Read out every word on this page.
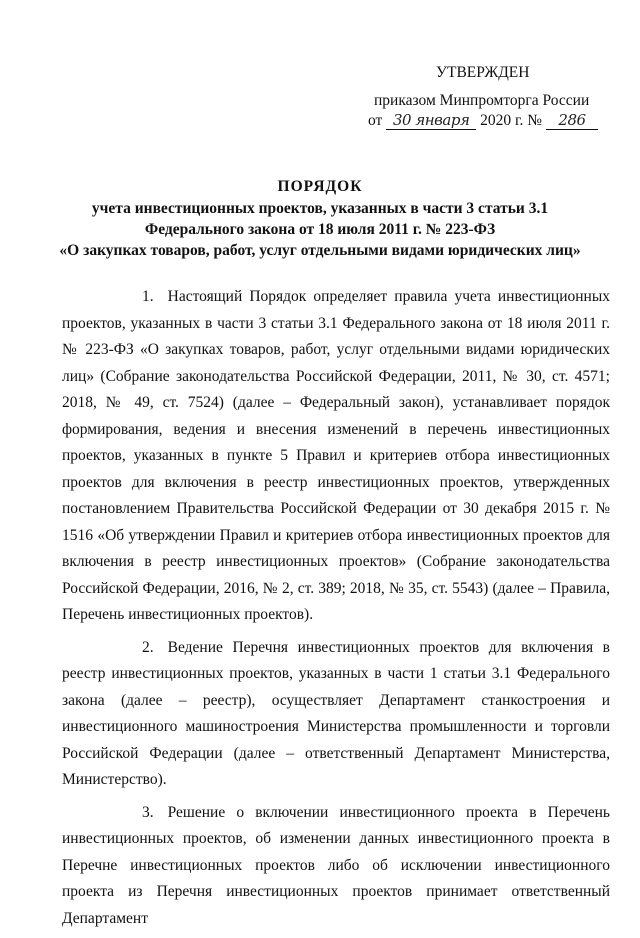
УТВЕРЖДЕН
приказом Минпромторга России
от 30 января 2020 г. № 286
ПОРЯДОК
учета инвестиционных проектов, указанных в части 3 статьи 3.1
Федерального закона от 18 июля 2011 г. № 223-ФЗ
«О закупках товаров, работ, услуг отдельными видами юридических лиц»

1. Настоящий Порядок определяет правила учета инвестиционных проектов, указанных в части 3 статьи 3.1 Федерального закона от 18 июля 2011 г. № 223-ФЗ «О закупках товаров, работ, услуг отдельными видами юридических лиц» (Собрание законодательства Российской Федерации, 2011, № 30, ст. 4571; 2018, № 49, ст. 7524) (далее – Федеральный закон), устанавливает порядок формирования, ведения и внесения изменений в перечень инвестиционных проектов, указанных в пункте 5 Правил и критериев отбора инвестиционных проектов для включения в реестр инвестиционных проектов, утвержденных постановлением Правительства Российской Федерации от 30 декабря 2015 г. № 1516 «Об утверждении Правил и критериев отбора инвестиционных проектов для включения в реестр инвестиционных проектов» (Собрание законодательства Российской Федерации, 2016, № 2, ст. 389; 2018, № 35, ст. 5543) (далее – Правила, Перечень инвестиционных проектов).

2. Ведение Перечня инвестиционных проектов для включения в реестр инвестиционных проектов, указанных в части 1 статьи 3.1 Федерального закона (далее – реестр), осуществляет Департамент станкостроения и инвестиционного машиностроения Министерства промышленности и торговли Российской Федерации (далее – ответственный Департамент Министерства, Министерство).

3. Решение о включении инвестиционного проекта в Перечень инвестиционных проектов, об изменении данных инвестиционного проекта в Перечне инвестиционных проектов либо об исключении инвестиционного проекта из Перечня инвестиционных проектов принимает ответственный Департамент
